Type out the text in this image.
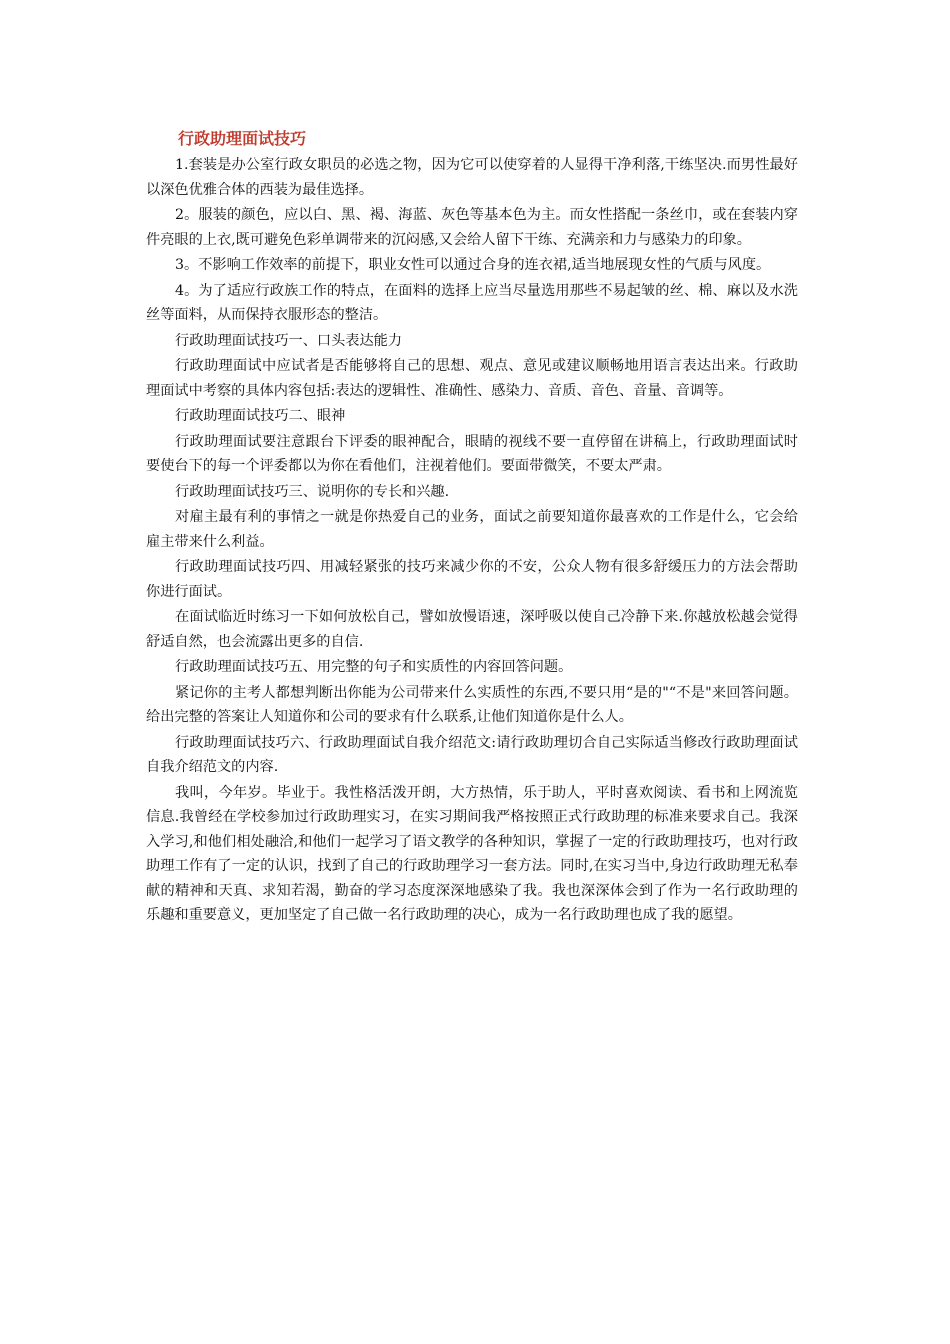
行政助理面试技巧

1.套装是办公室行政女职员的必选之物，因为它可以使穿着的人显得干净利落,干练坚决.而男性最好以深色优雅合体的西装为最佳选择。

2。服装的颜色，应以白、黑、褐、海蓝、灰色等基本色为主。而女性搭配一条丝巾，或在套装内穿件亮眼的上衣,既可避免色彩单调带来的沉闷感,又会给人留下干练、充满亲和力与感染力的印象。

3。不影响工作效率的前提下，职业女性可以通过合身的连衣裙,适当地展现女性的气质与风度。

4。为了适应行政族工作的特点，在面料的选择上应当尽量选用那些不易起皱的丝、棉、麻以及水洗丝等面料，从而保持衣服形态的整洁。

行政助理面试技巧一、口头表达能力

行政助理面试中应试者是否能够将自己的思想、观点、意见或建议顺畅地用语言表达出来。行政助理面试中考察的具体内容包括:表达的逻辑性、准确性、感染力、音质、音色、音量、音调等。

行政助理面试技巧二、眼神

行政助理面试要注意跟台下评委的眼神配合，眼睛的视线不要一直停留在讲稿上，行政助理面试时要使台下的每一个评委都以为你在看他们，注视着他们。要面带微笑，不要太严肃。

行政助理面试技巧三、说明你的专长和兴趣.

对雇主最有利的事情之一就是你热爱自己的业务，面试之前要知道你最喜欢的工作是什么，它会给雇主带来什么利益。

行政助理面试技巧四、用减轻紧张的技巧来减少你的不安，公众人物有很多舒缓压力的方法会帮助你进行面试。

在面试临近时练习一下如何放松自己，譬如放慢语速，深呼吸以使自己冷静下来.你越放松越会觉得舒适自然，也会流露出更多的自信.

行政助理面试技巧五、用完整的句子和实质性的内容回答问题。

紧记你的主考人都想判断出你能为公司带来什么实质性的东西,不要只用“是的"“不是"来回答问题。给出完整的答案让人知道你和公司的要求有什么联系,让他们知道你是什么人。

行政助理面试技巧六、行政助理面试自我介绍范文:请行政助理切合自己实际适当修改行政助理面试自我介绍范文的内容.

我叫，今年岁。毕业于。我性格活泼开朗，大方热情，乐于助人，平时喜欢阅读、看书和上网流览信息.我曾经在学校参加过行政助理实习，在实习期间我严格按照正式行政助理的标准来要求自己。我深入学习,和他们相处融洽,和他们一起学习了语文教学的各种知识，掌握了一定的行政助理技巧，也对行政助理工作有了一定的认识，找到了自己的行政助理学习一套方法。同时,在实习当中,身边行政助理无私奉献的精神和天真、求知若渴，勤奋的学习态度深深地感染了我。我也深深体会到了作为一名行政助理的乐趣和重要意义，更加坚定了自己做一名行政助理的决心，成为一名行政助理也成了我的愿望。
